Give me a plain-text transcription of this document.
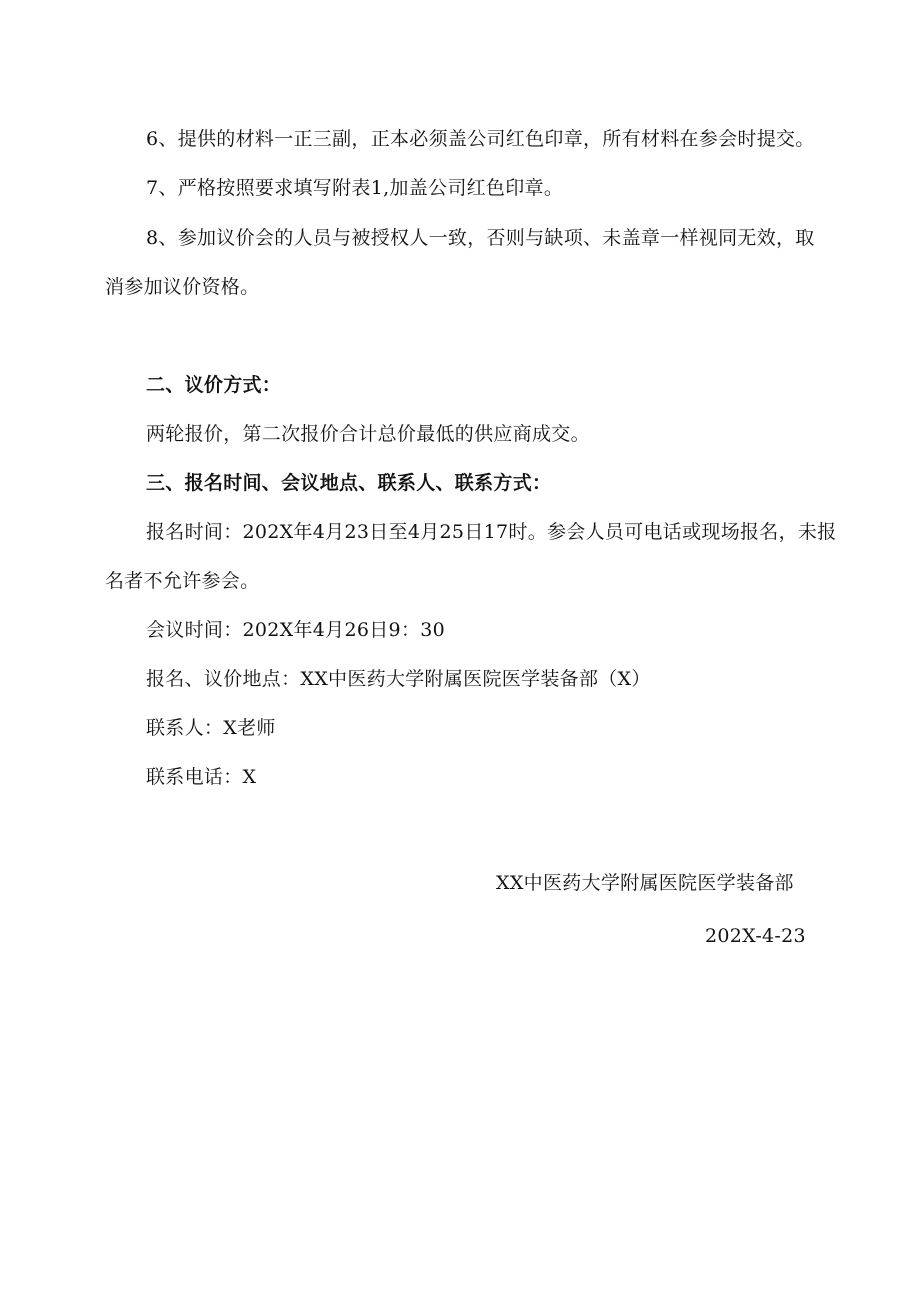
6、提供的材料一正三副，正本必须盖公司红色印章，所有材料在参会时提交。
7、严格按照要求填写附表1,加盖公司红色印章。
8、参加议价会的人员与被授权人一致，否则与缺项、未盖章一样视同无效，取
消参加议价资格。
二、议价方式：
两轮报价，第二次报价合计总价最低的供应商成交。
三、报名时间、会议地点、联系人、联系方式：
报名时间：202X年4月23日至4月25日17时。参会人员可电话或现场报名，未报
名者不允许参会。
会议时间：202X年4月26日9：30
报名、议价地点：XX中医药大学附属医院医学装备部（X）
联系人：X老师
联系电话：X
XX中医药大学附属医院医学装备部
202X-4-23
